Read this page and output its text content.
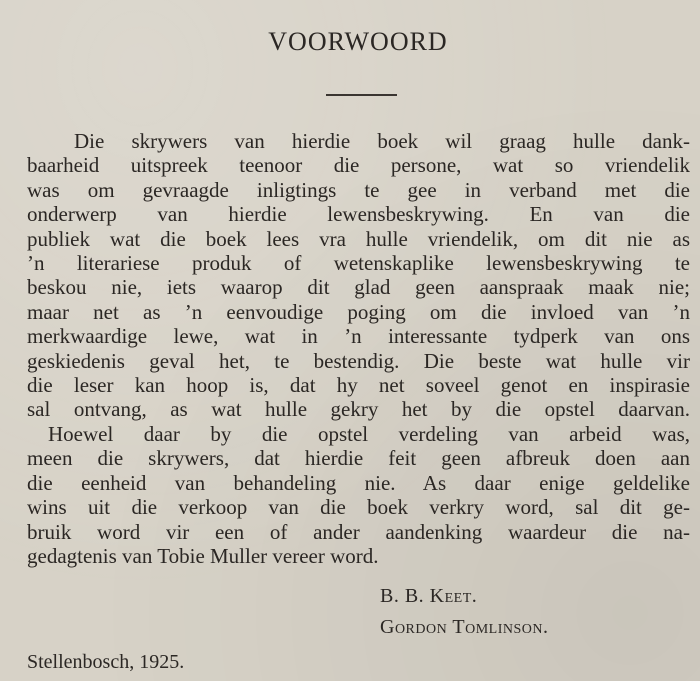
VOORWOORD
Die skrywers van hierdie boek wil graag hulle dank-
baarheid uitspreek teenoor die persone, wat so vriendelik
was om gevraagde inligtings te gee in verband met die
onderwerp van hierdie lewensbeskrywing. En van die
publiek wat die boek lees vra hulle vriendelik, om dit nie as
’n literariese produk of wetenskaplike lewensbeskrywing te
beskou nie, iets waarop dit glad geen aanspraak maak nie;
maar net as ’n eenvoudige poging om die invloed van ’n
merkwaardige lewe, wat in ’n interessante tydperk van ons
geskiedenis geval het, te bestendig. Die beste wat hulle vir
die leser kan hoop is, dat hy net soveel genot en inspirasie
sal ontvang, as wat hulle gekry het by die opstel daarvan.
Hoewel daar by die opstel verdeling van arbeid was,
meen die skrywers, dat hierdie feit geen afbreuk doen aan
die eenheid van behandeling nie. As daar enige geldelike
wins uit die verkoop van die boek verkry word, sal dit ge-
bruik word vir een of ander aandenking waardeur die na-
gedagtenis van Tobie Muller vereer word.
B. B. Keet.
Gordon Tomlinson.
Stellenbosch, 1925.
